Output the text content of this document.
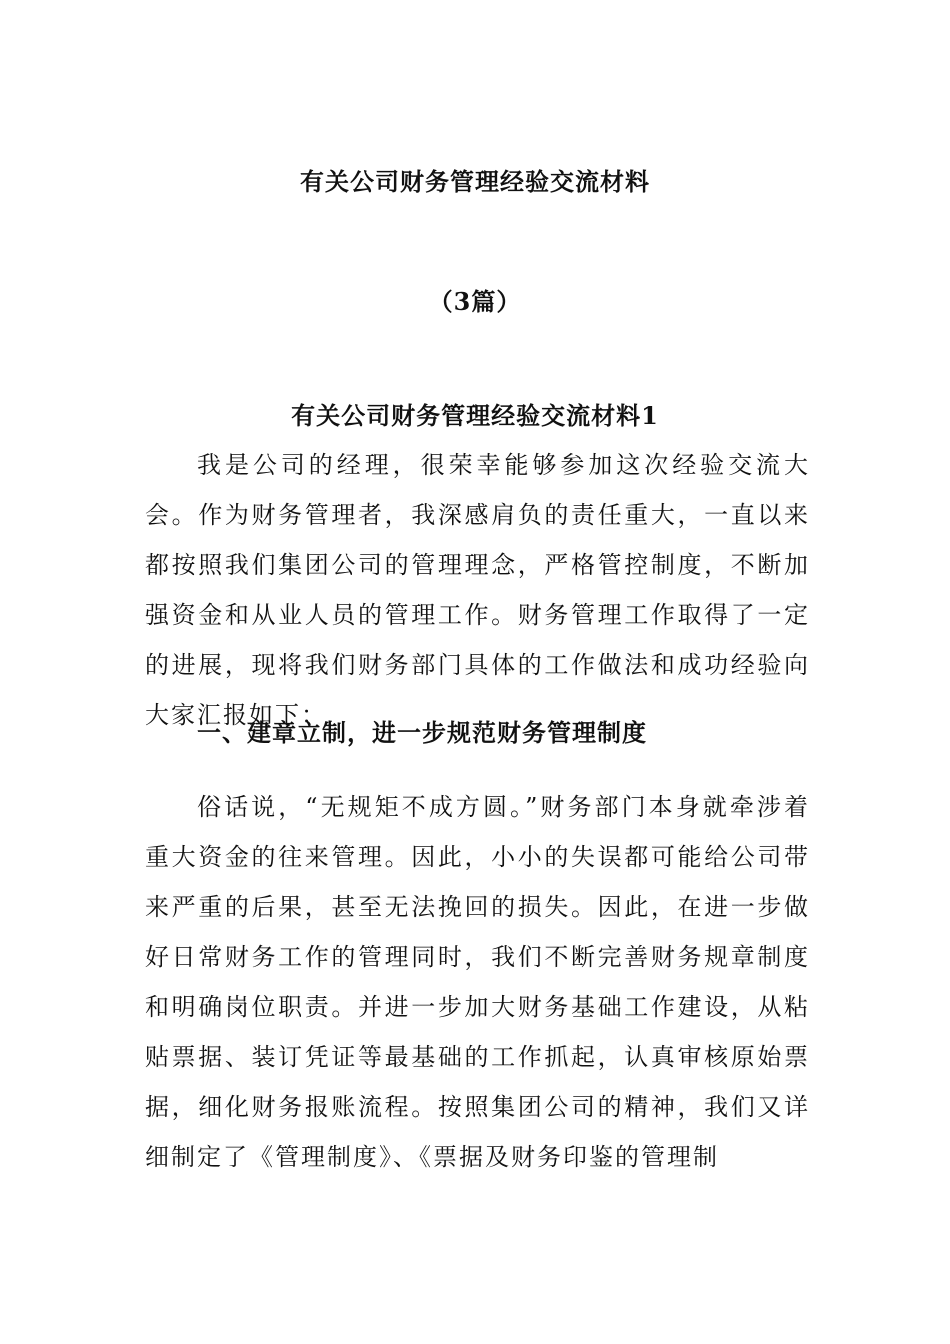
有关公司财务管理经验交流材料
（3篇）
有关公司财务管理经验交流材料1

我是公司的经理，很荣幸能够参加这次经验交流大会。作为财务管理者，我深感肩负的责任重大，一直以来都按照我们集团公司的管理理念，严格管控制度，不断加强资金和从业人员的管理工作。财务管理工作取得了一定的进展，现将我们财务部门具体的工作做法和成功经验向大家汇报如下：

一、建章立制，进一步规范财务管理制度

俗话说，“无规矩不成方圆。”财务部门本身就牵涉着重大资金的往来管理。因此，小小的失误都可能给公司带来严重的后果，甚至无法挽回的损失。因此，在进一步做好日常财务工作的管理同时，我们不断完善财务规章制度和明确岗位职责。并进一步加大财务基础工作建设，从粘贴票据、装订凭证等最基础的工作抓起，认真审核原始票据，细化财务报账流程。按照集团公司的精神，我们又详细制定了《管理制度》、《票据及财务印鉴的管理制
